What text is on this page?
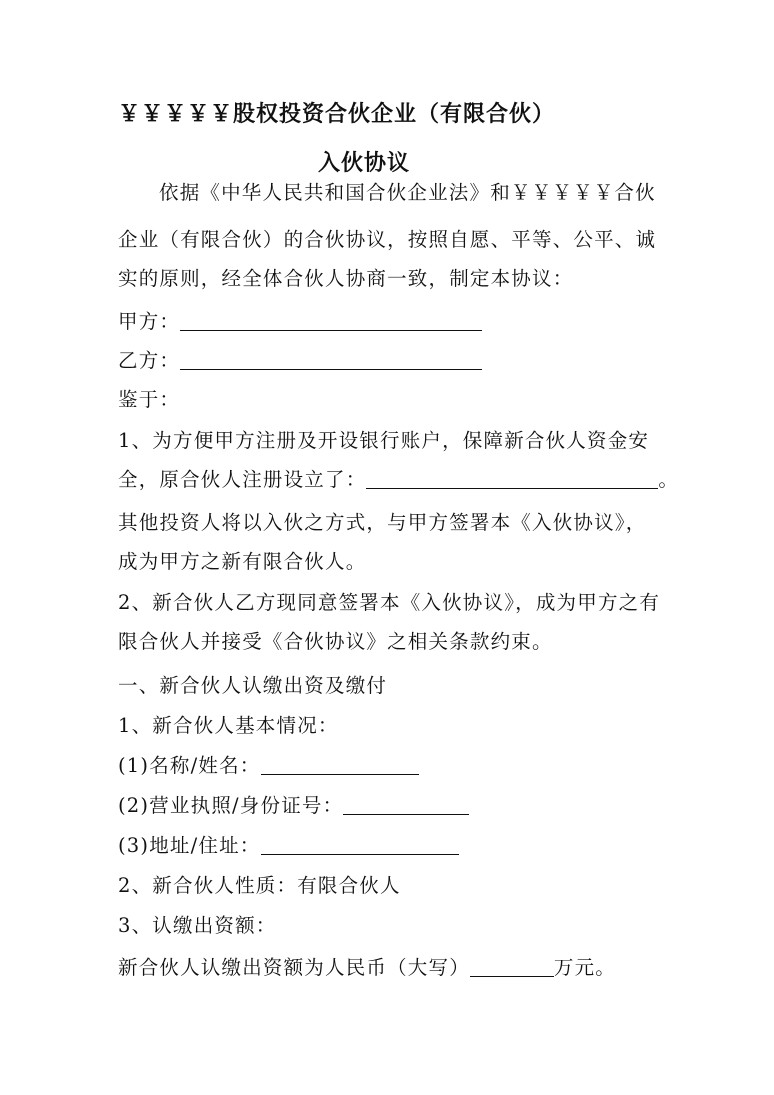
￥￥￥￥￥股权投资合伙企业（有限合伙）
入伙协议
依据《中华人民共和国合伙企业法》和￥￥￥￥￥合伙
企业（有限合伙）的合伙协议，按照自愿、平等、公平、诚
实的原则，经全体合伙人协商一致，制定本协议：
甲方：
乙方：
鉴于：
1、为方便甲方注册及开设银行账户，保障新合伙人资金安
全，原合伙人注册设立了：	。
其他投资人将以入伙之方式，与甲方签署本《入伙协议》，
成为甲方之新有限合伙人。
2、新合伙人乙方现同意签署本《入伙协议》，成为甲方之有
限合伙人并接受《合伙协议》之相关条款约束。
一、新合伙人认缴出资及缴付
1、新合伙人基本情况：
(1)名称/姓名：
(2)营业执照/身份证号：
(3)地址/住址：
2、新合伙人性质：有限合伙人
3、认缴出资额：
新合伙人认缴出资额为人民币（大写）	万元。
